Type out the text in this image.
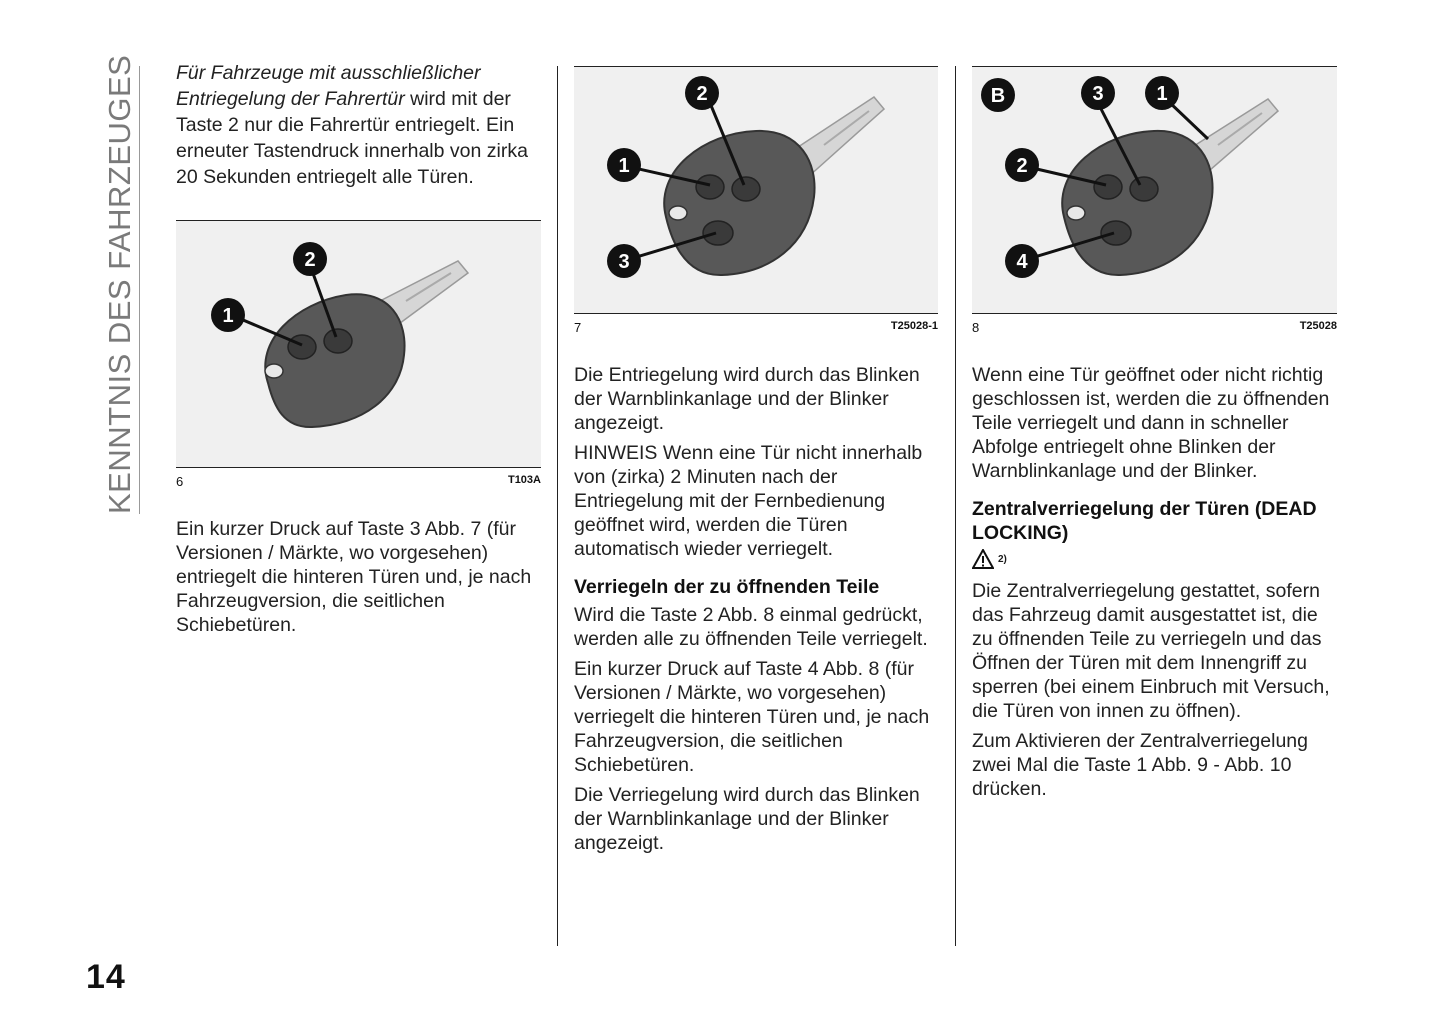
KENNTNIS DES FAHRZEUGES
14

Für Fahrzeuge mit ausschließlicher Entriegelung der Fahrertür wird mit der Taste 2 nur die Fahrertür entriegelt. Ein erneuter Tastendruck innerhalb von zirka 20 Sekunden entriegelt alle Türen.

1
2
6	T103A

Ein kurzer Druck auf Taste 3 Abb. 7 (für Versionen / Märkte, wo vorgesehen) entriegelt die hinteren Türen und, je nach Fahrzeugversion, die seitlichen Schiebetüren.

2
1
3
7	T25028-1

Die Entriegelung wird durch das Blinken der Warnblinkanlage und der Blinker angezeigt.

HINWEIS Wenn eine Tür nicht innerhalb von (zirka) 2 Minuten nach der Entriegelung mit der Fernbedienung geöffnet wird, werden die Türen automatisch wieder verriegelt.

Verriegeln der zu öffnenden Teile

Wird die Taste 2 Abb. 8 einmal gedrückt, werden alle zu öffnenden Teile verriegelt.

Ein kurzer Druck auf Taste 4 Abb. 8 (für Versionen / Märkte, wo vorgesehen) verriegelt die hinteren Türen und, je nach Fahrzeugversion, die seitlichen Schiebetüren.

Die Verriegelung wird durch das Blinken der Warnblinkanlage und der Blinker angezeigt.

B	3	1
2
4
8	T25028

Wenn eine Tür geöffnet oder nicht richtig geschlossen ist, werden die zu öffnenden Teile verriegelt und dann in schneller Abfolge entriegelt ohne Blinken der Warnblinkanlage und der Blinker.

Zentralverriegelung der Türen (DEAD LOCKING)
2)

Die Zentralverriegelung gestattet, sofern das Fahrzeug damit ausgestattet ist, die zu öffnenden Teile zu verriegeln und das Öffnen der Türen mit dem Innengriff zu sperren (bei einem Einbruch mit Versuch, die Türen von innen zu öffnen).

Zum Aktivieren der Zentralverriegelung zwei Mal die Taste 1 Abb. 9 - Abb. 10 drücken.
